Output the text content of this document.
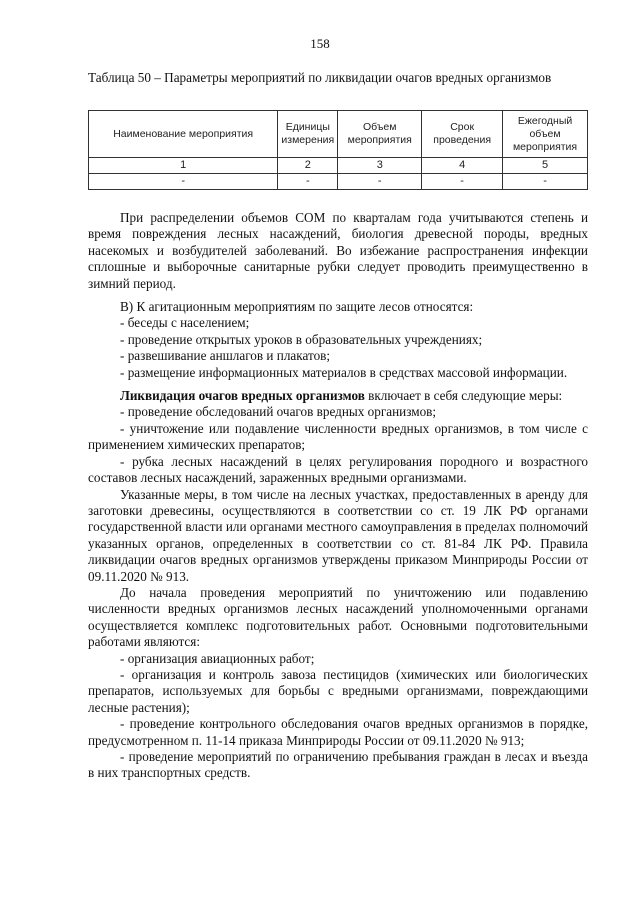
158
Таблица 50 – Параметры мероприятий по ликвидации очагов вредных организмов
Наименование мероприятия	Единицы измерения	Объем мероприятия	Срок проведения	Ежегодный объем мероприятия
1	2	3	4	5
-	-	-	-	-

При распределении объемов СОМ по кварталам года учитываются степень и время повреждения лесных насаждений, биология древесной породы, вредных насекомых и возбудителей заболеваний. Во избежание распространения инфекции сплошные и выборочные санитарные рубки следует проводить преимущественно в зимний период.

В) К агитационным мероприятиям по защите лесов относятся:

- беседы с населением;

- проведение открытых уроков в образовательных учреждениях;

- развешивание аншлагов и плакатов;

- размещение информационных материалов в средствах массовой информации.

Ликвидация очагов вредных организмов включает в себя следующие меры:

- проведение обследований очагов вредных организмов;

- уничтожение или подавление численности вредных организмов, в том числе с применением химических препаратов;

- рубка лесных насаждений в целях регулирования породного и возрастного составов лесных насаждений, зараженных вредными организмами.

Указанные меры, в том числе на лесных участках, предоставленных в аренду для заготовки древесины, осуществляются в соответствии со ст. 19 ЛК РФ органами государственной власти или органами местного самоуправления в пределах полномочий указанных органов, определенных в соответствии со ст. 81-84 ЛК РФ. Правила ликвидации очагов вредных организмов утверждены приказом Минприроды России от 09.11.2020 № 913.

До начала проведения мероприятий по уничтожению или подавлению численности вредных организмов лесных насаждений уполномоченными органами осуществляется комплекс подготовительных работ. Основными подготовительными работами являются:

- организация авиационных работ;

- организация и контроль завоза пестицидов (химических или биологических препаратов, используемых для борьбы с вредными организмами, повреждающими лесные растения);

- проведение контрольного обследования очагов вредных организмов в порядке, предусмотренном п. 11-14 приказа Минприроды России от 09.11.2020 № 913;

- проведение мероприятий по ограничению пребывания граждан в лесах и въезда в них транспортных средств.
